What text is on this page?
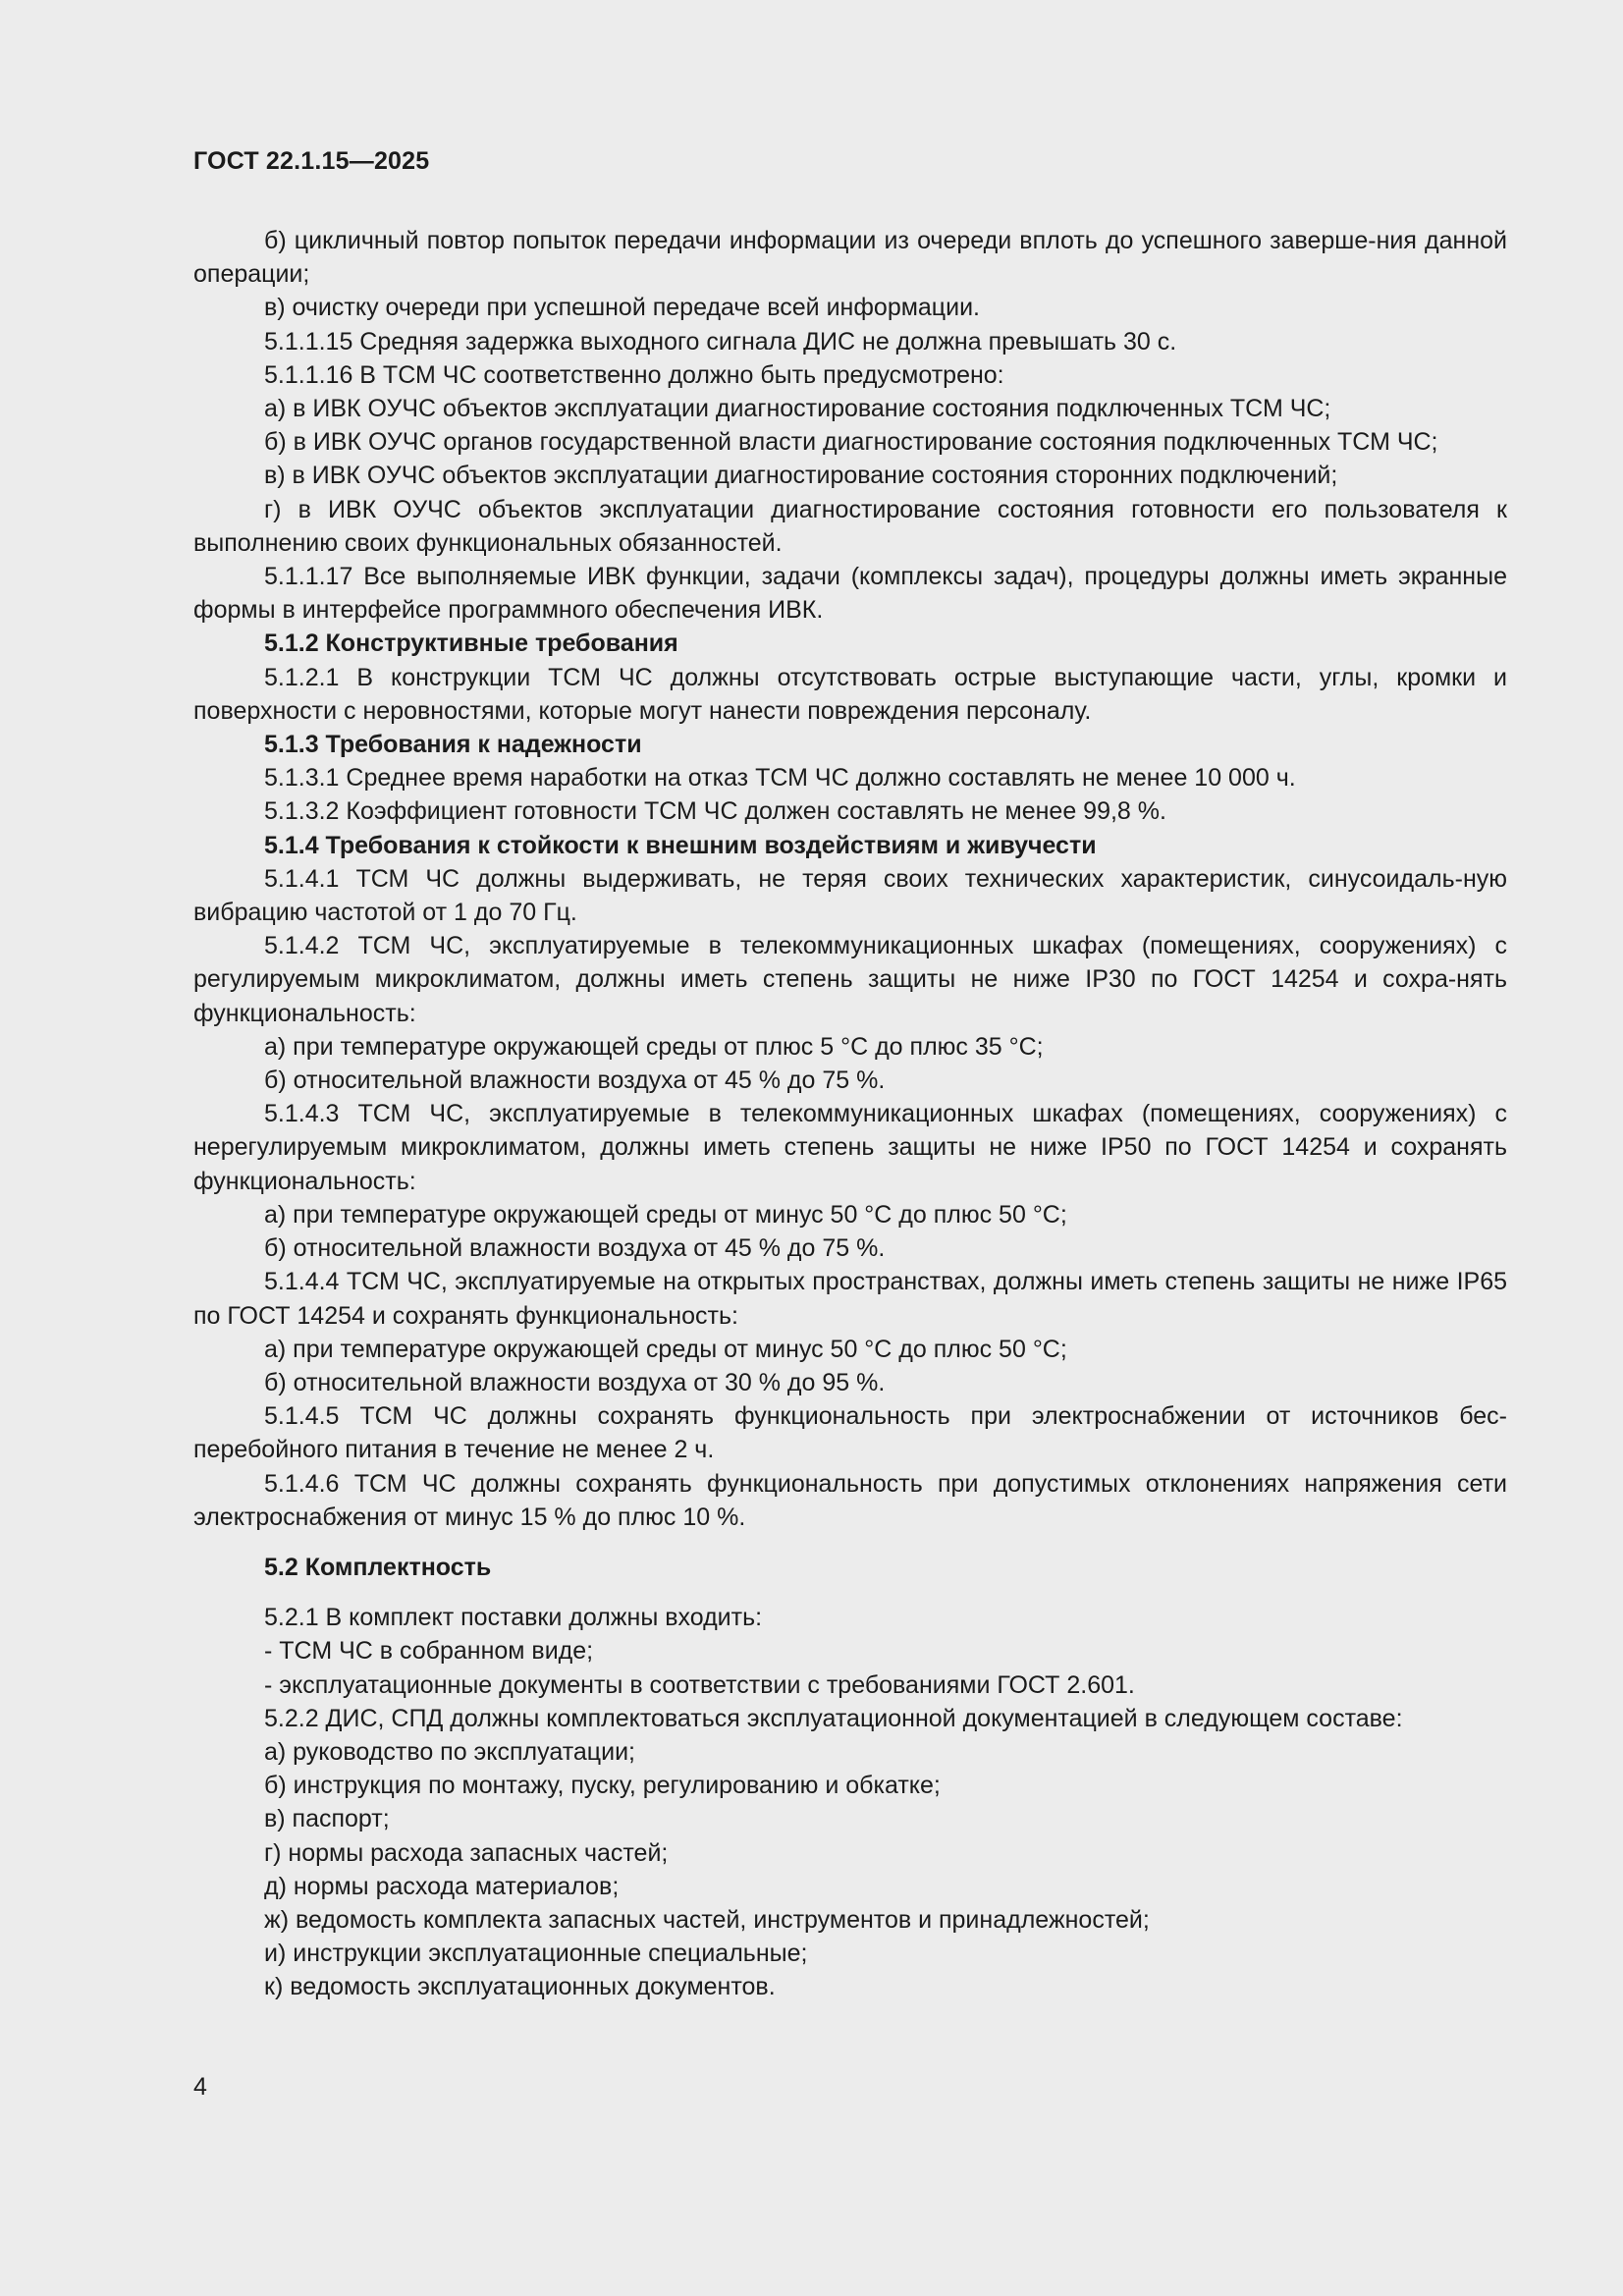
ГОСТ 22.1.15—2025

б) цикличный повтор попыток передачи информации из очереди вплоть до успешного заверше-ния данной операции;

в) очистку очереди при успешной передаче всей информации.

5.1.1.15 Средняя задержка выходного сигнала ДИС не должна превышать 30 с.

5.1.1.16 В ТСМ ЧС соответственно должно быть предусмотрено:

а) в ИВК ОУЧС объектов эксплуатации диагностирование состояния подключенных ТСМ ЧС;

б) в ИВК ОУЧС органов государственной власти диагностирование состояния подключенных ТСМ ЧС;

в) в ИВК ОУЧС объектов эксплуатации диагностирование состояния сторонних подключений;

г) в ИВК ОУЧС объектов эксплуатации диагностирование состояния готовности его пользователя к выполнению своих функциональных обязанностей.

5.1.1.17 Все выполняемые ИВК функции, задачи (комплексы задач), процедуры должны иметь экранные формы в интерфейсе программного обеспечения ИВК.

5.1.2 Конструктивные требования

5.1.2.1 В конструкции ТСМ ЧС должны отсутствовать острые выступающие части, углы, кромки и поверхности с неровностями, которые могут нанести повреждения персоналу.

5.1.3 Требования к надежности

5.1.3.1 Среднее время наработки на отказ ТСМ ЧС должно составлять не менее 10 000 ч.

5.1.3.2 Коэффициент готовности ТСМ ЧС должен составлять не менее 99,8 %.

5.1.4 Требования к стойкости к внешним воздействиям и живучести

5.1.4.1 ТСМ ЧС должны выдерживать, не теряя своих технических характеристик, синусоидаль-ную вибрацию частотой от 1 до 70 Гц.

5.1.4.2 ТСМ ЧС, эксплуатируемые в телекоммуникационных шкафах (помещениях, сооружениях) с регулируемым микроклиматом, должны иметь степень защиты не ниже IP30 по ГОСТ 14254 и сохра-нять функциональность:

а) при температуре окружающей среды от плюс 5 °С до плюс 35 °С;

б) относительной влажности воздуха от 45 % до 75 %.

5.1.4.3 ТСМ ЧС, эксплуатируемые в телекоммуникационных шкафах (помещениях, сооружениях) с нерегулируемым микроклиматом, должны иметь степень защиты не ниже IP50 по ГОСТ 14254 и сохранять функциональность:

а) при температуре окружающей среды от минус 50 °С до плюс 50 °С;

б) относительной влажности воздуха от 45 % до 75 %.

5.1.4.4 ТСМ ЧС, эксплуатируемые на открытых пространствах, должны иметь степень защиты не ниже IP65 по ГОСТ 14254 и сохранять функциональность:

а) при температуре окружающей среды от минус 50 °С до плюс 50 °С;

б) относительной влажности воздуха от 30 % до 95 %.

5.1.4.5 ТСМ ЧС должны сохранять функциональность при электроснабжении от источников бес-перебойного питания в течение не менее 2 ч.

5.1.4.6 ТСМ ЧС должны сохранять функциональность при допустимых отклонениях напряжения сети электроснабжения от минус 15 % до плюс 10 %.

5.2 Комплектность

5.2.1 В комплект поставки должны входить:

- ТСМ ЧС в собранном виде;

- эксплуатационные документы в соответствии с требованиями ГОСТ 2.601.

5.2.2 ДИС, СПД должны комплектоваться эксплуатационной документацией в следующем составе:

а) руководство по эксплуатации;

б) инструкция по монтажу, пуску, регулированию и обкатке;

в) паспорт;

г) нормы расхода запасных частей;

д) нормы расхода материалов;

ж) ведомость комплекта запасных частей, инструментов и принадлежностей;

и) инструкции эксплуатационные специальные;

к) ведомость эксплуатационных документов.

4
